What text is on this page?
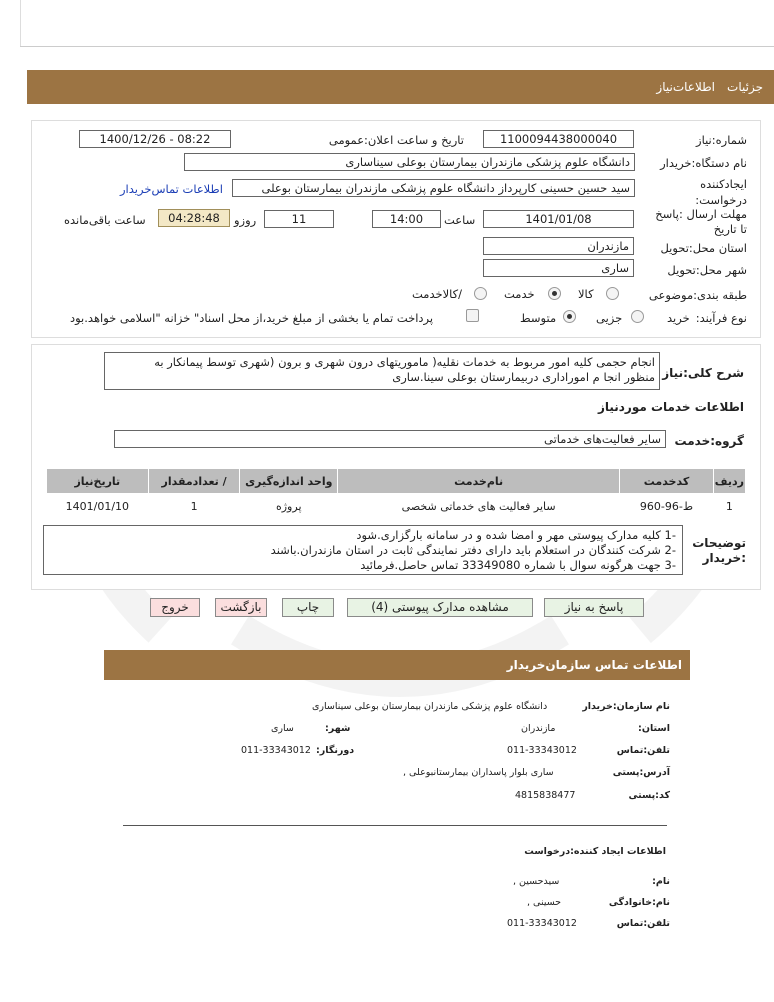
جزئیات
اطلاعات‌نیاز
شماره:نیاز
1100094438000040
تاریخ و ساعت اعلان:عمومی
1400/12/26 - 08:22
نام دستگاه:خریدار
دانشگاه علوم پزشکی مازندران بیمارستان بوعلی سیناساری
ایجادکننده درخواست:
سید حسین حسینی کارپرداز دانشگاه علوم پزشکی مازندران بیمارستان بوعلی
اطلاعات تماس‌خریدار
مهلت ارسال :پاسخ تا تاریخ
1401/01/08
ساعت
14:00
11
روزو
04:28:48
ساعت باقی‌مانده
استان محل:تحویل
مازندران
شهر محل:تحویل
ساری
طبقه بندی:موضوعی
کالا
خدمت
/کالاخدمت
نوع فرآیند:
خرید
جزیی
متوسط
پرداخت تمام یا بخشی از مبلغ خرید،از محل اسناد" خزانه "اسلامی خواهد.بود
شرح کلی:نیاز
انجام حجمی کلیه امور مربوط به خدمات نقلیه( ماموریتهای درون شهری و برون (شهری توسط پیمانکار به
منظور انجا م اموراداری دربیمارستان بوعلی سینا.ساری
اطلاعات خدمات موردنیاز
گروه:خدمت
سایر فعالیت‌های خدماتی
ردیف	کدخدمت	نام‌خدمت	واحد اندازه‌گیری	/ تعدادمقدار	تاریخ‌نیاز
1	ط-96-960	سایر فعالیت های خدماتی شخصی	پروژه	1	1401/01/10
توضیحات :خریدار
-1 کلیه مدارک پیوستی مهر و امضا شده و در سامانه بارگزاری.شود
-2 شرکت کنندگان در استعلام باید دارای دفتر نمایندگی ثابت در استان مازندران.باشند
-3 جهت هرگونه سوال با شماره 33349080 تماس حاصل.فرمائید
پاسخ به نیاز
مشاهده مدارک پیوستی (4)
چاپ
بازگشت
خروج
اطلاعات تماس سازمان‌خریدار
نام سازمان:خریدار
دانشگاه علوم پزشکی مازندران بیمارستان بوعلی سیناساری
استان:
مازندران
شهر:
ساری
تلفن:تماس
011-33343012
دورنگار:
011-33343012
آدرس:پستی
ساری بلوار پاسداران بیمارستانبوعلی ,
کد:پستی
4815838477
اطلاعات ایجاد کننده:درخواست
نام:
سیدحسین ,
نام:خانوادگی
حسینی ,
تلفن:تماس
011-33343012
